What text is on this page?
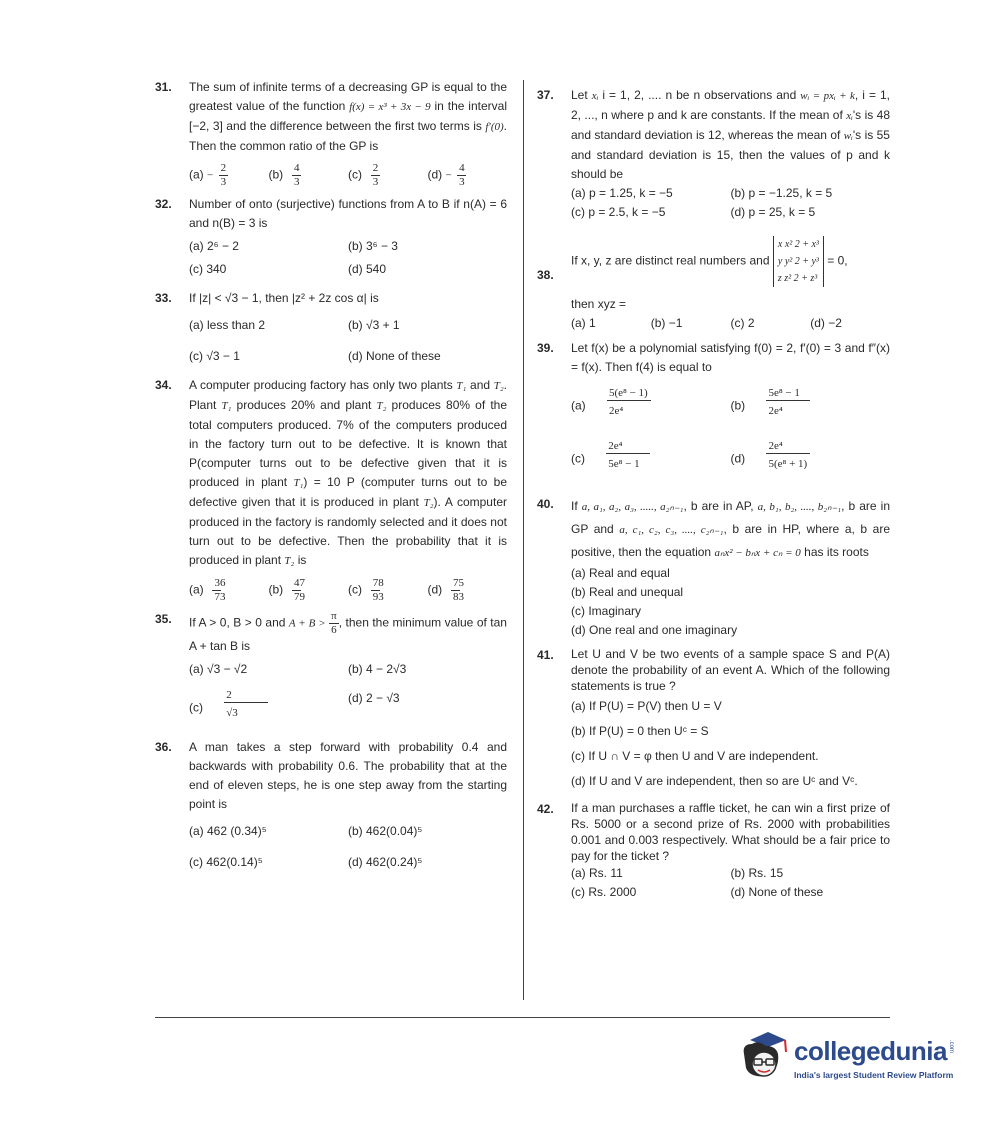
31. The sum of infinite terms of a decreasing GP is equal to the greatest value of the function f(x) = x³ + 3x − 9 in the interval [−2, 3] and the difference between the first two terms is f′(0). Then the common ratio of the GP is
$(a) - \frac{2}{3}$	$(b) \frac{4}{3}$	$(c) \frac{2}{3}$	$(d) - \frac{4}{3}$
32. Number of onto (surjective) functions from A to B if n(A) = 6 and n(B) = 3 is
(a) 2⁶ − 2	(b) 3⁶ − 3
(c) 340	(d) 540
33. If |z| < √3 − 1, then |z² + 2z cos α| is
(a) less than 2	(b) √3 + 1
(c) √3 − 1	(d) None of these
34. A computer producing factory has only two plants T₁ and T₂. Plant T₁ produces 20% and plant T₂ produces 80% of the total computers produced. 7% of the computers produced in the factory turn out to be defective. It is known that P(computer turns out to be defective given that it is produced in plant T₁) = 10 P (computer turns out to be defective given that it is produced in plant T₂). A computer produced in the factory is randomly selected and it does not turn out to be defective. Then the probability that it is produced in plant T₂ is
$(a) \frac{36}{73}$	$(b) \frac{47}{79}$	$(c) \frac{78}{93}$	$(d) \frac{75}{83}$
35. If A > 0, B > 0 and $A + B > \frac{\pi}{6}$ , then the minimum value of tan A + tan B is
(a) √3 − √2	(b) 4 − 2√3
$(c) \frac{2}{√3}$	(d) 2 − √3
36. A man takes a step forward with probability 0.4 and backwards with probability 0.6. The probability that at the end of eleven steps, he is one step away from the starting point is
(a) 462 (0.34)⁵	(b) 462(0.04)⁵
(c) 462(0.14)⁵	(d) 462(0.24)⁵
37. Let xᵢ i = 1, 2, .... n be n observations and wᵢ = pxᵢ + k, i = 1, 2, ..., n where p and k are constants. If the mean of xᵢ's is 48 and standard deviation is 12, whereas the mean of wᵢ's is 55 and standard deviation is 15, then the values of p and k should be
(a) p = 1.25, k = −5	(b) p = −1.25, k = 5
(c) p = 2.5, k = −5	(d) p = 25, k = 5
38.
If x, y, z are distinct real numbers and
x x² 2 + x³
y y² 2 + y³
z z² 2 + z³
= 0,
then xyz =
(a) 1	(b) −1	(c) 2	(d) −2
39. Let f(x) be a polynomial satisfying f(0) = 2, f′(0) = 3 and f″(x) = f(x). Then f(4) is equal to
$(a) \frac{\text{5(e⁸ − 1)}}{\text{2e⁴}}$	$(b) \frac{\text{5e⁸ − 1}}{\text{2e⁴}}$
$(c) \frac{\text{2e⁴}}{\text{5e⁸ − 1}}$	$(d) \frac{\text{2e⁴}}{\text{5(e⁸ + 1)}}$
40. If a, a₁, a₂, a₃, ....., a₂ₙ₋₁, b are in AP, a, b₁, b₂, ...., b₂ₙ₋₁, b are in GP and a, c₁, c₂, c₃, ...., c₂ₙ₋₁, b are in HP, where a, b are positive, then the equation aₙx² − bₙx + cₙ = 0 has its roots
(a) Real and equal
(b) Real and unequal
(c) Imaginary
(d) One real and one imaginary
41. Let U and V be two events of a sample space S and P(A) denote the probability of an event A. Which of the following statements is true ?
(a) If P(U) = P(V) then U = V
(b) If P(U) = 0 then Uᶜ = S
(c) If U ∩ V = φ then U and V are independent.
(d) If U and V are independent, then so are Uᶜ and Vᶜ.
42. If a man purchases a raffle ticket, he can win a first prize of Rs. 5000 or a second prize of Rs. 2000 with probabilities 0.001 and 0.003 respectively. What should be a fair price to pay for the ticket ?
(a) Rs. 11	(b) Rs. 15
(c) Rs. 2000	(d) None of these
collegedunia .com
India's largest Student Review Platform
